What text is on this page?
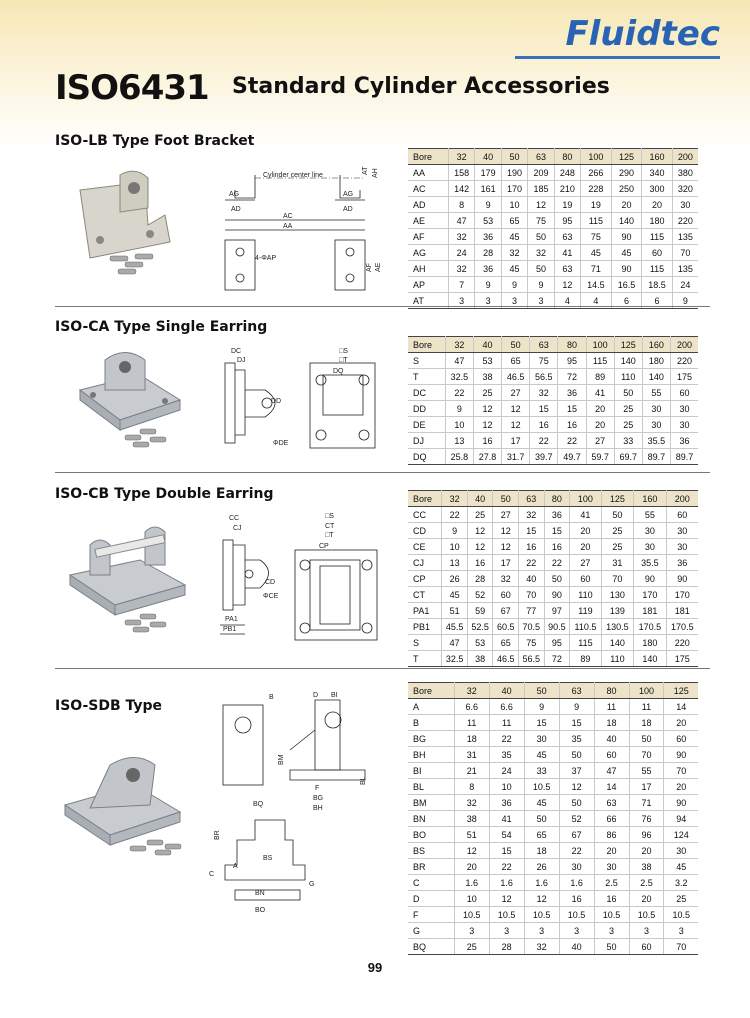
Fluidtec
ISO6431 Standard Cylinder Accessories
ISO-LB Type Foot Bracket
Cylinder center line
AG	AG
AD	AD
AC
AA
4-ΦAP
AT AH
AF AE
Bore	32	40	50	63	80	100	125	160	200
AA	158	179	190	209	248	266	290	340	380
AC	142	161	170	185	210	228	250	300	320
AD	8	9	10	12	19	19	20	20	30
AE	47	53	65	75	95	115	140	180	220
AF	32	36	45	50	63	75	90	115	135
AG	24	28	32	32	41	45	45	60	70
AH	32	36	45	50	63	71	90	115	135
AP	7	9	9	9	12	14.5	16.5	18.5	24
AT	3	3	3	3	4	4	6	6	9
ISO-CA Type Single Earring
DC
DJ
DD
ΦDE
□S
□T
DQ
Bore	32	40	50	63	80	100	125	160	200
S	47	53	65	75	95	115	140	180	220
T	32.5	38	46.5	56.5	72	89	110	140	175
DC	22	25	27	32	36	41	50	55	60
DD	9	12	12	15	15	20	25	30	30
DE	10	12	12	16	16	20	25	30	30
DJ	13	16	17	22	22	27	33	35.5	36
DQ	25.8	27.8	31.7	39.7	49.7	59.7	69.7	89.7	89.7
ISO-CB Type Double Earring
CC
CJ
CD
ΦCE
□S
CT
□T
CP
PA1
PB1
Bore	32	40	50	63	80	100	125	160	200
CC	22	25	27	32	36	41	50	55	60
CD	9	12	12	15	15	20	25	30	30
CE	10	12	12	16	16	20	25	30	30
CJ	13	16	17	22	22	27	31	35.5	36
CP	26	28	32	40	50	60	70	90	90
CT	45	52	60	70	90	110	130	170	170
PA1	51	59	67	77	97	119	139	181	181
PB1	45.5	52.5	60.5	70.5	90.5	110.5	130.5	170.5	170.5
S	47	53	65	75	95	115	140	180	220
T	32.5	38	46.5	56.5	72	89	110	140	175
ISO-SDB Type
B	D BI
BM
BL
F
BG
BH
BQ
BR
BS
A
C
G
BN
BO
Bore	32	40	50	63	80	100	125
A	6.6	6.6	9	9	11	11	14
B	11	11	15	15	18	18	20
BG	18	22	30	35	40	50	60
BH	31	35	45	50	60	70	90
BI	21	24	33	37	47	55	70
BL	8	10	10.5	12	14	17	20
BM	32	36	45	50	63	71	90
BN	38	41	50	52	66	76	94
BO	51	54	65	67	86	96	124
BS	12	15	18	22	20	20	30
BR	20	22	26	30	30	38	45
C	1.6	1.6	1.6	1.6	2.5	2.5	3.2
D	10	12	12	16	16	20	25
F	10.5	10.5	10.5	10.5	10.5	10.5	10.5
G	3	3	3	3	3	3	3
BQ	25	28	32	40	50	60	70
99
